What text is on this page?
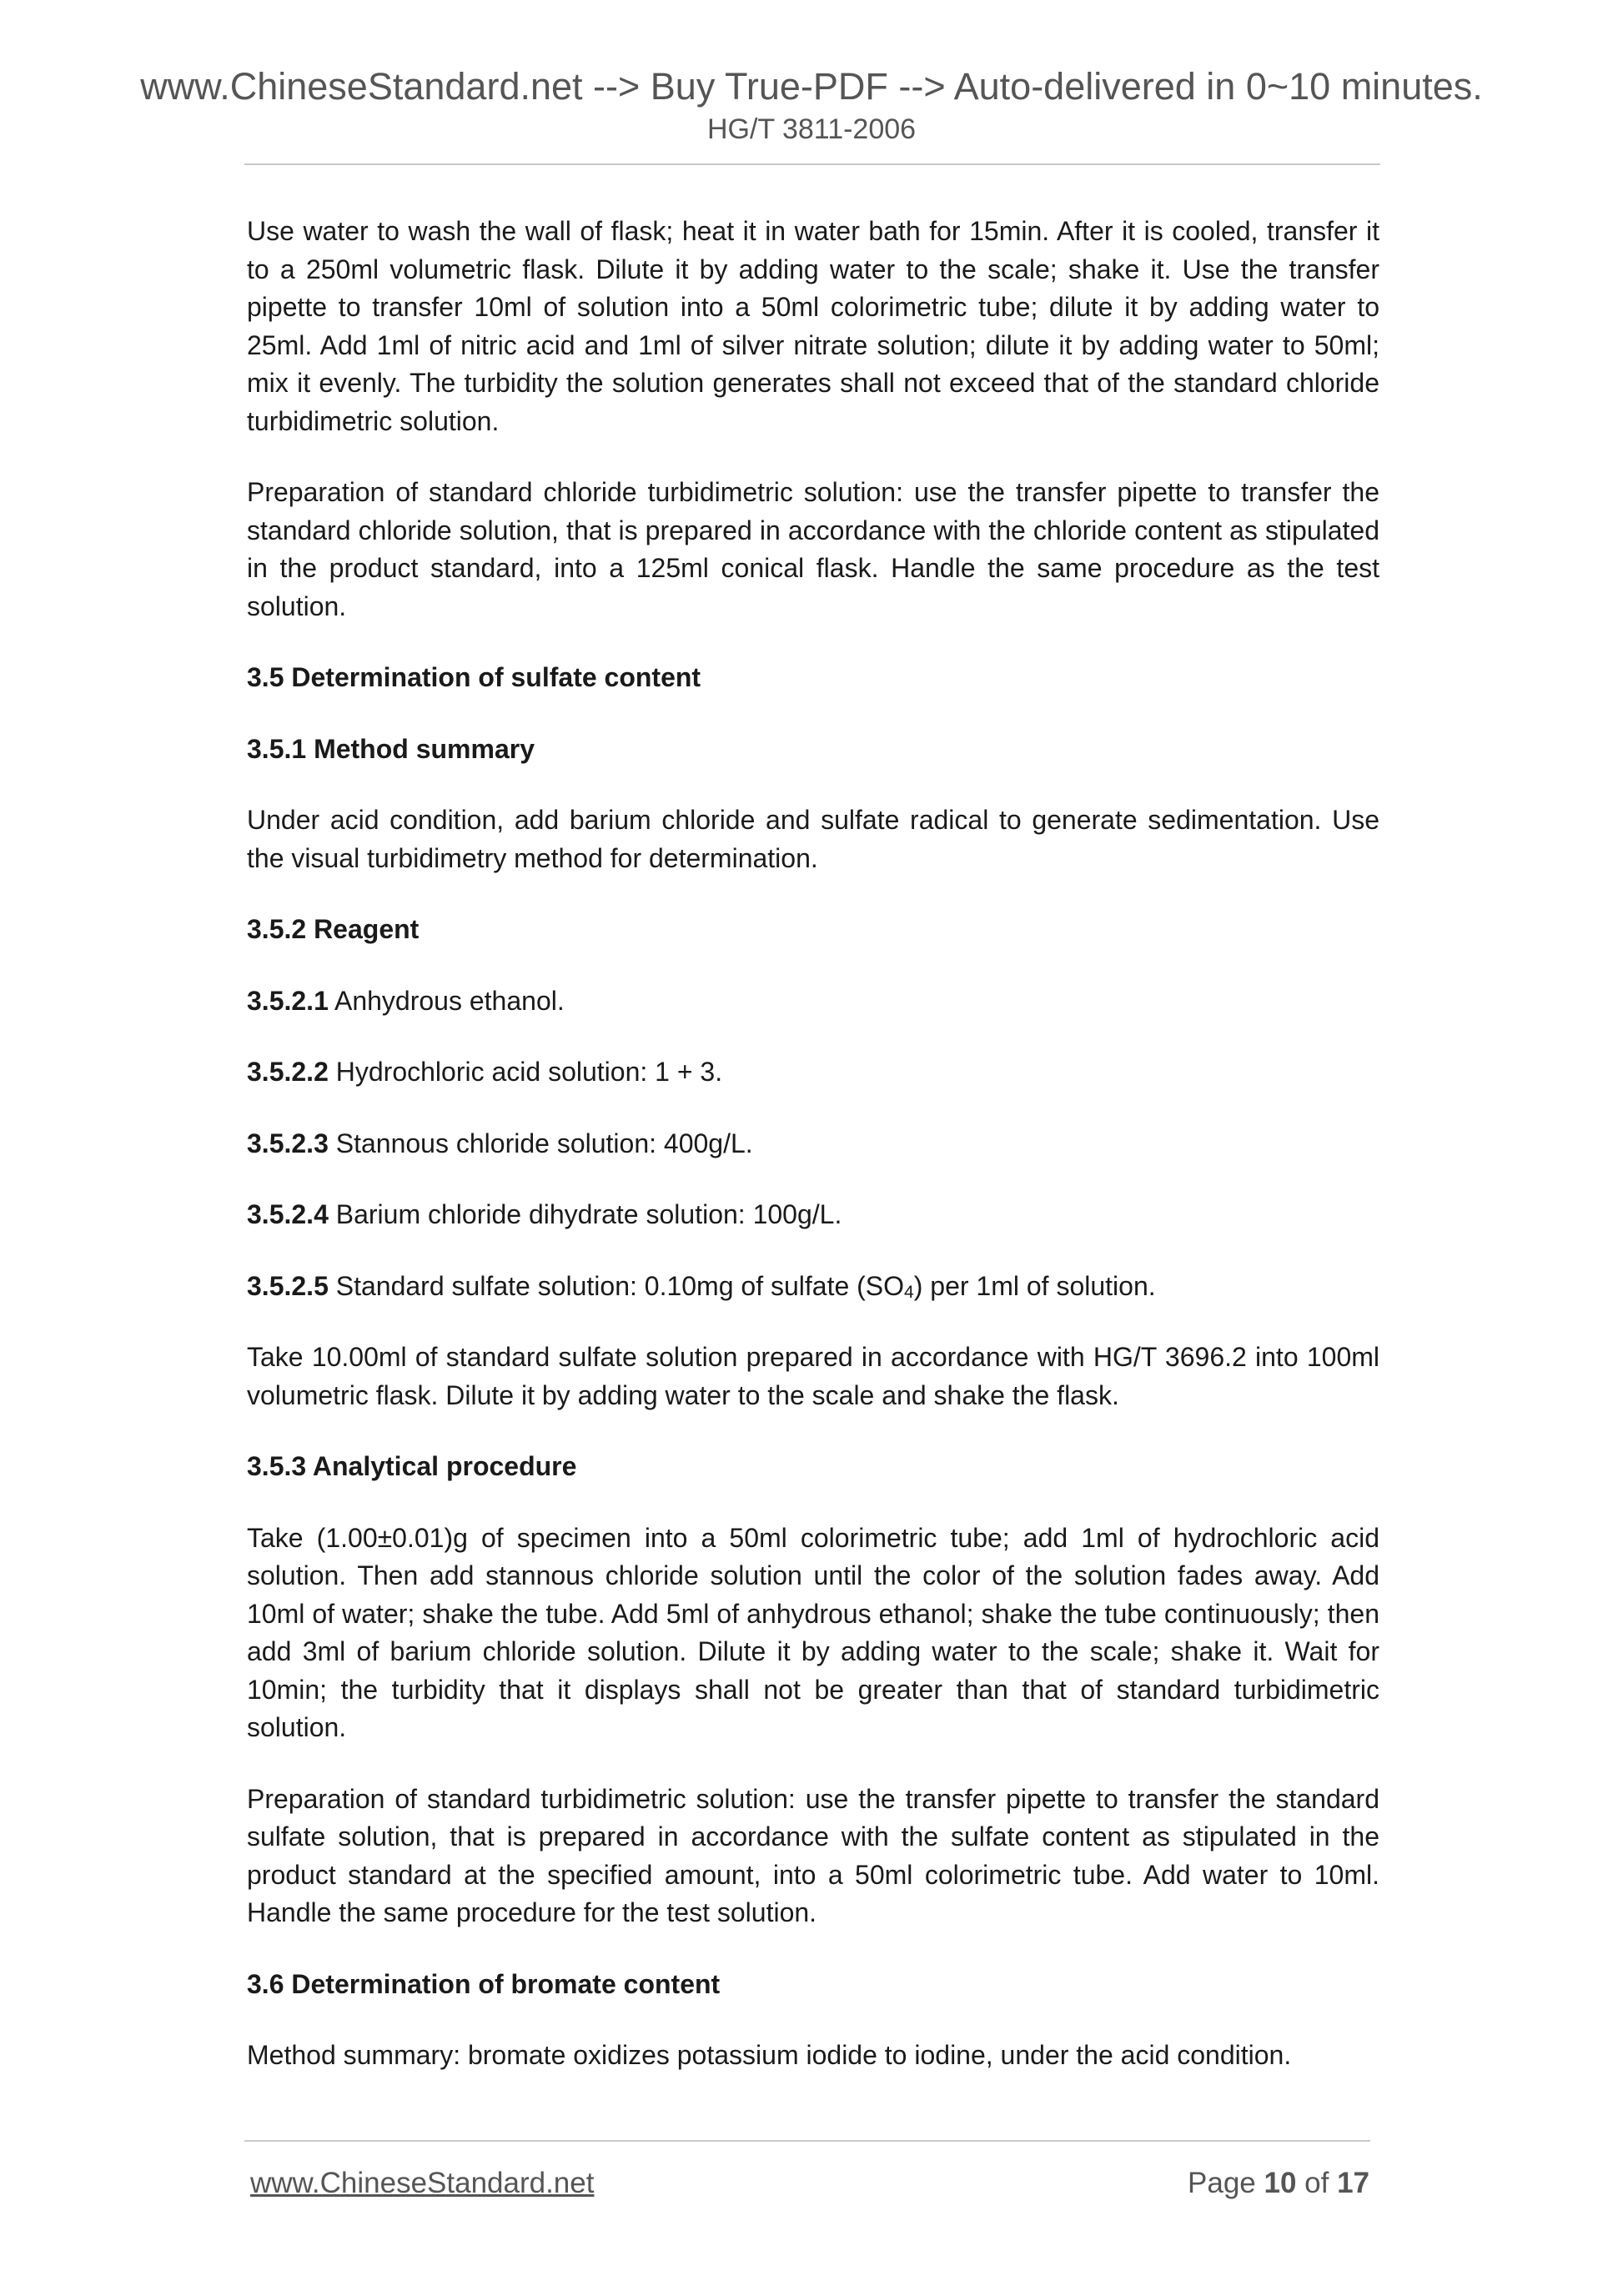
www.ChineseStandard.net --> Buy True-PDF --> Auto-delivered in 0~10 minutes.
HG/T 3811-2006

Use water to wash the wall of flask; heat it in water bath for 15min. After it is cooled, transfer it to a 250ml volumetric flask. Dilute it by adding water to the scale; shake it. Use the transfer pipette to transfer 10ml of solution into a 50ml colorimetric tube; dilute it by adding water to 25ml. Add 1ml of nitric acid and 1ml of silver nitrate solution; dilute it by adding water to 50ml; mix it evenly. The turbidity the solution generates shall not exceed that of the standard chloride turbidimetric solution.

Preparation of standard chloride turbidimetric solution: use the transfer pipette to transfer the standard chloride solution, that is prepared in accordance with the chloride content as stipulated in the product standard, into a 125ml conical flask. Handle the same procedure as the test solution.

3.5 Determination of sulfate content
3.5.1 Method summary

Under acid condition, add barium chloride and sulfate radical to generate sedimentation. Use the visual turbidimetry method for determination.

3.5.2 Reagent

3.5.2.1 Anhydrous ethanol.

3.5.2.2 Hydrochloric acid solution: 1 + 3.

3.5.2.3 Stannous chloride solution: 400g/L.

3.5.2.4 Barium chloride dihydrate solution: 100g/L.

3.5.2.5 Standard sulfate solution: 0.10mg of sulfate $(SO_4)$ per 1ml of solution.

Take 10.00ml of standard sulfate solution prepared in accordance with HG/T 3696.2 into 100ml volumetric flask. Dilute it by adding water to the scale and shake the flask.

3.5.3 Analytical procedure

Take (1.00±0.01)g of specimen into a 50ml colorimetric tube; add 1ml of hydrochloric acid solution. Then add stannous chloride solution until the color of the solution fades away. Add 10ml of water; shake the tube. Add 5ml of anhydrous ethanol; shake the tube continuously; then add 3ml of barium chloride solution. Dilute it by adding water to the scale; shake it. Wait for 10min; the turbidity that it displays shall not be greater than that of standard turbidimetric solution.

Preparation of standard turbidimetric solution: use the transfer pipette to transfer the standard sulfate solution, that is prepared in accordance with the sulfate content as stipulated in the product standard at the specified amount, into a 50ml colorimetric tube. Add water to 10ml. Handle the same procedure for the test solution.

3.6 Determination of bromate content

Method summary: bromate oxidizes potassium iodide to iodine, under the acid condition.

www.ChineseStandard.net	Page 10 of 17
